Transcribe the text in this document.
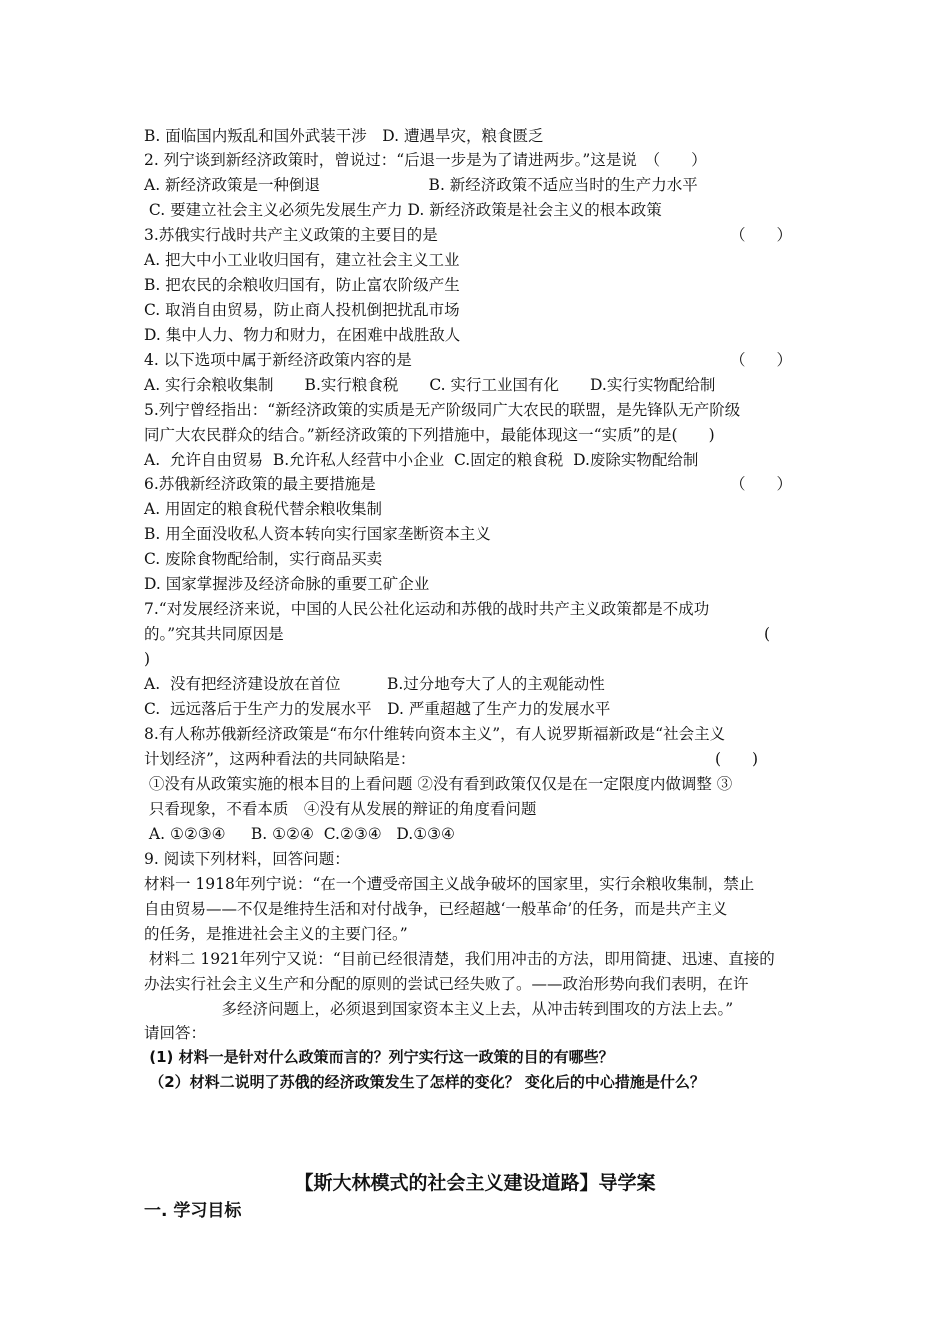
B. 面临国内叛乱和国外武装干涉　D. 遭遇旱灾，粮食匮乏
2. 列宁谈到新经济政策时，曾说过：“后退一步是为了请进两步。”这是说　（　　）
A. 新经济政策是一种倒退　　　　　　　B. 新经济政策不适应当时的生产力水平
C. 要建立社会主义必须先发展生产力 D. 新经济政策是社会主义的根本政策
3.苏俄实行战时共产主义政策的主要目的是	（　　）
A. 把大中小工业收归国有，建立社会主义工业
B. 把农民的余粮收归国有，防止富农阶级产生
C. 取消自由贸易，防止商人投机倒把扰乱市场
D. 集中人力、物力和财力，在困难中战胜敌人
4. 以下选项中属于新经济政策内容的是	（　　）
A. 实行余粮收集制　　B.实行粮食税　　C. 实行工业国有化　　D.实行实物配给制
5.列宁曾经指出：“新经济政策的实质是无产阶级同广大农民的联盟，是先锋队无产阶级
同广大农民群众的结合。”新经济政策的下列措施中，最能体现这一“实质”的是(　　)
A.  允许自由贸易  B.允许私人经营中小企业  C.固定的粮食税  D.废除实物配给制
6.苏俄新经济政策的最主要措施是	（　　）
A. 用固定的粮食税代替余粮收集制
B. 用全面没收私人资本转向实行国家垄断资本主义
C. 废除食物配给制，实行商品买卖
D. 国家掌握涉及经济命脉的重要工矿企业
7.“对发展经济来说，中国的人民公社化运动和苏俄的战时共产主义政策都是不成功
的。”究其共同原因是	(
)
A.  没有把经济建设放在首位　　　B.过分地夸大了人的主观能动性
C.  远远落后于生产力的发展水平　D. 严重超越了生产力的发展水平
8.有人称苏俄新经济政策是“布尔什维转向资本主义”，有人说罗斯福新政是“社会主义
计划经济”，这两种看法的共同缺陷是：	(　　)
①没有从政策实施的根本目的上看问题 ②没有看到政策仅仅是在一定限度内做调整 ③
只看现象，不看本质　④没有从发展的辩证的角度看问题
A. ①②③④　  B. ①②④  C.②③④   D.①③④
9. 阅读下列材料，回答问题：
材料一 1918年列宁说：“在一个遭受帝国主义战争破坏的国家里，实行余粮收集制，禁止
自由贸易——不仅是维持生活和对付战争，已经超越‘一般革命’的任务，而是共产主义
的任务，是推进社会主义的主要门径。”
材料二 1921年列宁又说：“目前已经很清楚，我们用冲击的方法，即用简捷、迅速、直接的
办法实行社会主义生产和分配的原则的尝试已经失败了。——政治形势向我们表明，在许
　　　　　多经济问题上，必须退到国家资本主义上去，从冲击转到围攻的方法上去。”
请回答：
(1) 材料一是针对什么政策而言的？列宁实行这一政策的目的有哪些？
（2）材料二说明了苏俄的经济政策发生了怎样的变化？ 变化后的中心措施是什么？
【斯大林模式的社会主义建设道路】导学案
一. 学习目标
